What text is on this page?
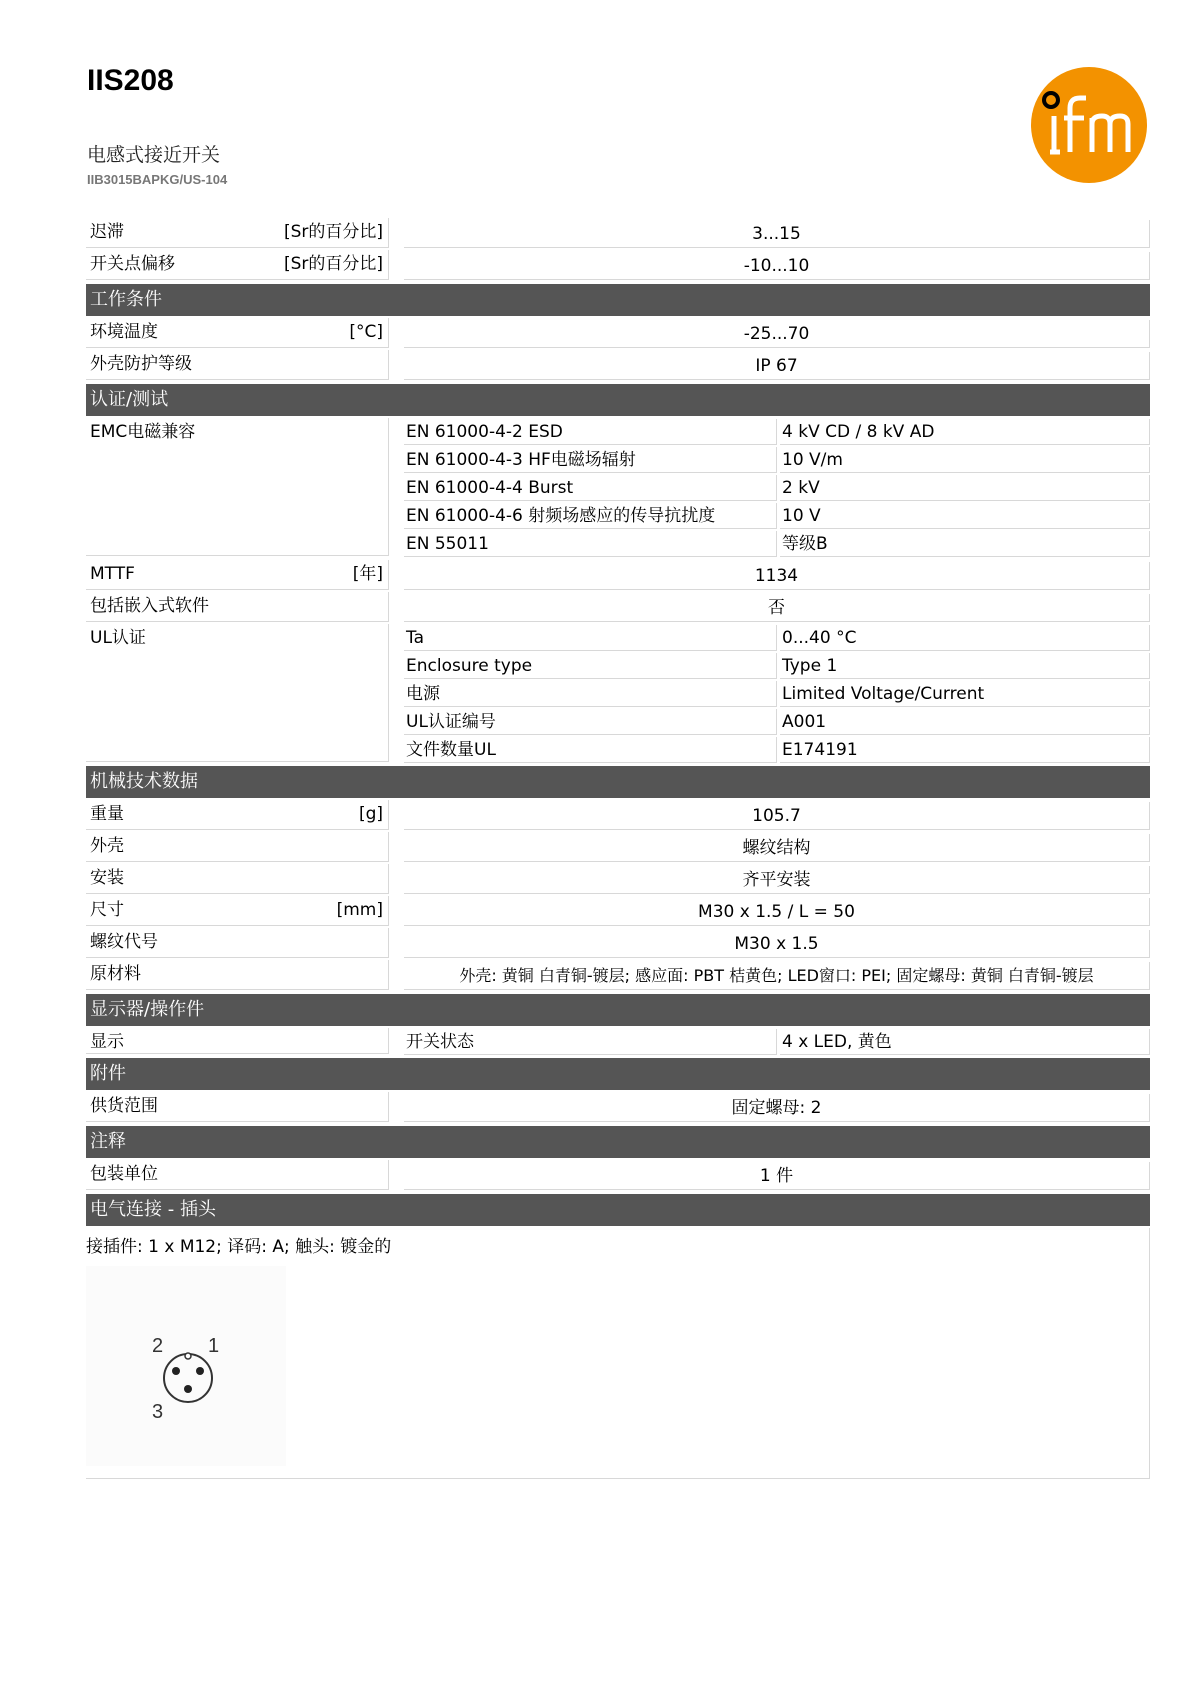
IIS208
电感式接近开关
IIB3015BAPKG/US-104
迟滞	[Sr的百分比]	3...15
开关点偏移	[Sr的百分比]	-10...10
工作条件
环境温度	[°C]	-25...70
外壳防护等级	IP 67
认证/测试
EMC电磁兼容	EN 61000-4-2 ESD	4 kV CD / 8 kV AD
EN 61000-4-3 HF电磁场辐射	10 V/m
EN 61000-4-4 Burst	2 kV
EN 61000-4-6 射频场感应的传导抗扰度	10 V
EN 55011	等级B
MTTF	[年]	1134
包括嵌入式软件	否
UL认证	Ta	0...40 °C
Enclosure type	Type 1
电源	Limited Voltage/Current
UL认证编号	A001
文件数量UL	E174191
机械技术数据
重量	[g]	105.7
外壳	螺纹结构
安装	齐平安装
尺寸	[mm]	M30 x 1.5 / L = 50
螺纹代号	M30 x 1.5
原材料	外壳: 黄铜 白青铜-镀层; 感应面: PBT 桔黄色; LED窗口: PEI; 固定螺母: 黄铜 白青铜-镀层
显示器/操作件
显示	开关状态	4 x LED, 黄色
附件
供货范围	固定螺母: 2
注释
包装单位	1 件
电气连接 - 插头
接插件: 1 x M12; 译码: A; 触头: 镀金的
2 1
3
